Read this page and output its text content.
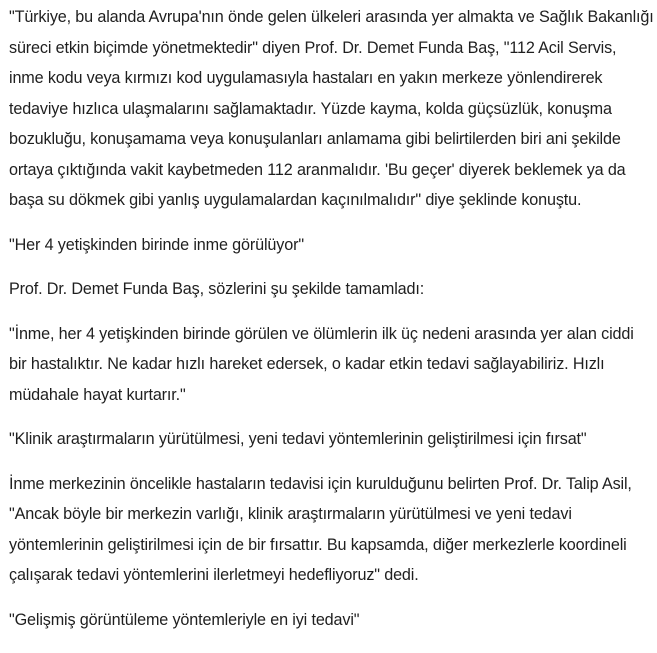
"Türkiye, bu alanda Avrupa'nın önde gelen ülkeleri arasında yer almakta ve Sağlık Bakanlığı süreci etkin biçimde yönetmektedir" diyen Prof. Dr. Demet Funda Baş, "112 Acil Servis, inme kodu veya kırmızı kod uygulamasıyla hastaları en yakın merkeze yönlendirerek tedaviye hızlıca ulaşmalarını sağlamaktadır. Yüzde kayma, kolda güçsüzlük, konuşma bozukluğu, konuşamama veya konuşulanları anlamama gibi belirtilerden biri ani şekilde ortaya çıktığında vakit kaybetmeden 112 aranmalıdır. 'Bu geçer' diyerek beklemek ya da başa su dökmek gibi yanlış uygulamalardan kaçınılmalıdır" diye şeklinde konuştu.

"Her 4 yetişkinden birinde inme görülüyor"

Prof. Dr. Demet Funda Baş, sözlerini şu şekilde tamamladı:

"İnme, her 4 yetişkinden birinde görülen ve ölümlerin ilk üç nedeni arasında yer alan ciddi bir hastalıktır. Ne kadar hızlı hareket edersek, o kadar etkin tedavi sağlayabiliriz. Hızlı müdahale hayat kurtarır."

"Klinik araştırmaların yürütülmesi, yeni tedavi yöntemlerinin geliştirilmesi için fırsat"

İnme merkezinin öncelikle hastaların tedavisi için kurulduğunu belirten Prof. Dr. Talip Asil, "Ancak böyle bir merkezin varlığı, klinik araştırmaların yürütülmesi ve yeni tedavi yöntemlerinin geliştirilmesi için de bir fırsattır. Bu kapsamda, diğer merkezlerle koordineli çalışarak tedavi yöntemlerini ilerletmeyi hedefliyoruz" dedi.

"Gelişmiş görüntüleme yöntemleriyle en iyi tedavi"
